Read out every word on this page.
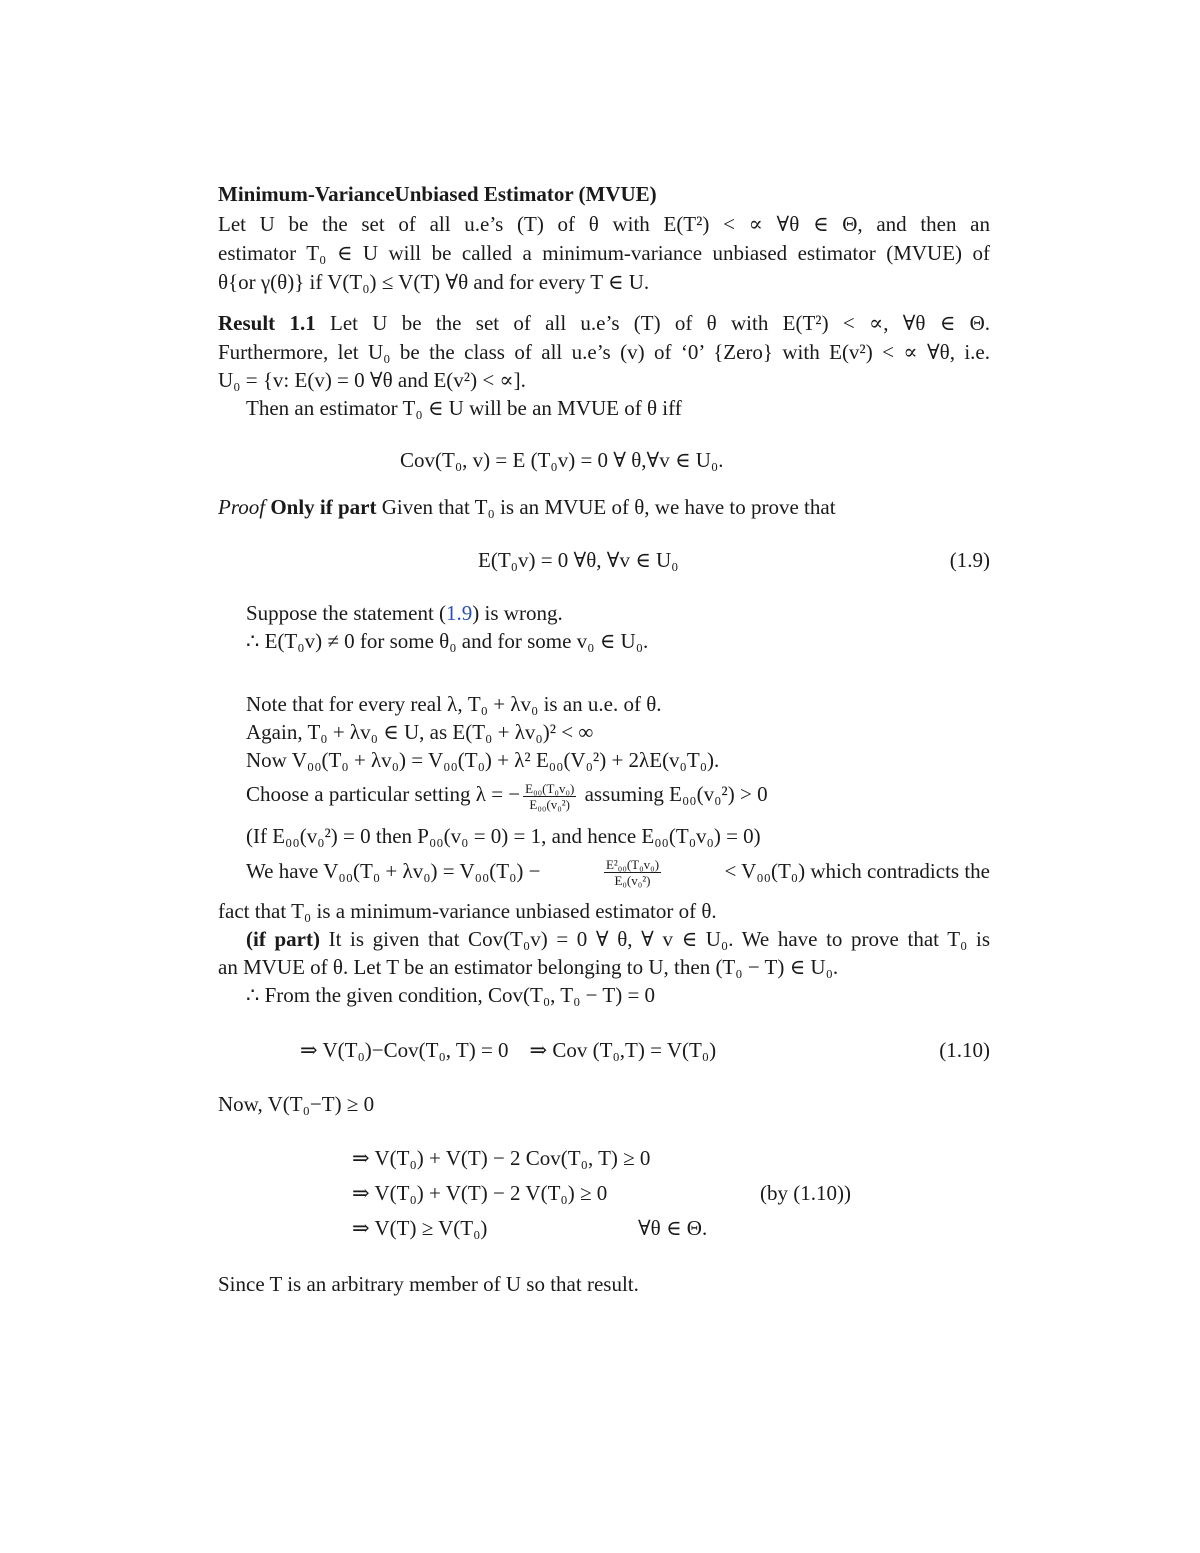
Minimum-VarianceUnbiased Estimator (MVUE)
Let U be the set of all u.e’s (T) of θ with E(T²) < ∝ ∀θ ∈ Θ, and then an
estimator T₀ ∈ U will be called a minimum-variance unbiased estimator (MVUE) of
θ{or γ(θ)} if V(T₀) ≤ V(T) ∀θ and for every T ∈ U.
Result 1.1 Let U be the set of all u.e’s (T) of θ with E(T²) < ∝, ∀θ ∈ Θ.
Furthermore, let U₀ be the class of all u.e’s (v) of ‘0’ {Zero} with E(v²) < ∝ ∀θ, i.e.
U₀ = {v: E(v) = 0 ∀θ and E(v²) < ∝].
Then an estimator T₀ ∈ U will be an MVUE of θ iff
Cov(T₀, v) = E (T₀v) = 0 ∀ θ,∀v ∈ U₀.
Proof Only if part Given that T₀ is an MVUE of θ, we have to prove that
E(T₀v) = 0 ∀θ, ∀v ∈ U₀	(1.9)
Suppose the statement (1.9) is wrong.
∴ E(T₀v) ≠ 0 for some θ₀ and for some v₀ ∈ U₀.
Note that for every real λ, T₀ + λv₀ is an u.e. of θ.
Again, T₀ + λv₀ ∈ U, as E(T₀ + λv₀)² < ∞
Now V₀₀(T₀ + λv₀) = V₀₀(T₀) + λ² E₀₀(V₀²) + 2λE(v₀T₀).
Choose a particular setting λ = − $\frac{\text{E₀₀(T₀v₀)}}{\text{E₀₀(v₀²)}}$ assuming E₀₀(v₀²) > 0
(If E₀₀(v₀²) = 0 then P₀₀(v₀ = 0) = 1, and hence E₀₀(T₀v₀) = 0)
We have V₀₀(T₀ + λv₀) = V₀₀(T₀) −	$\frac{\text{E²₀₀(T₀v₀)}}{\text{E₀(v₀²)}}$	< V₀₀(T₀) which contradicts the
fact that T₀ is a minimum-variance unbiased estimator of θ.
(if part) It is given that Cov(T₀v) = 0 ∀ θ, ∀ v ∈ U₀. We have to prove that T₀ is
an MVUE of θ. Let T be an estimator belonging to U, then (T₀ − T) ∈ U₀.
∴ From the given condition, Cov(T₀, T₀ − T) = 0
⇒ V(T₀)−Cov(T₀, T) = 0    ⇒ Cov (T₀,T) = V(T₀)	(1.10)
Now, V(T₀−T) ≥ 0
⇒ V(T₀) + V(T) − 2 Cov(T₀, T) ≥ 0
⇒ V(T₀) + V(T) − 2 V(T₀) ≥ 0	(by (1.10))
⇒ V(T) ≥ V(T₀)	∀θ ∈ Θ.
Since T is an arbitrary member of U so that result.
